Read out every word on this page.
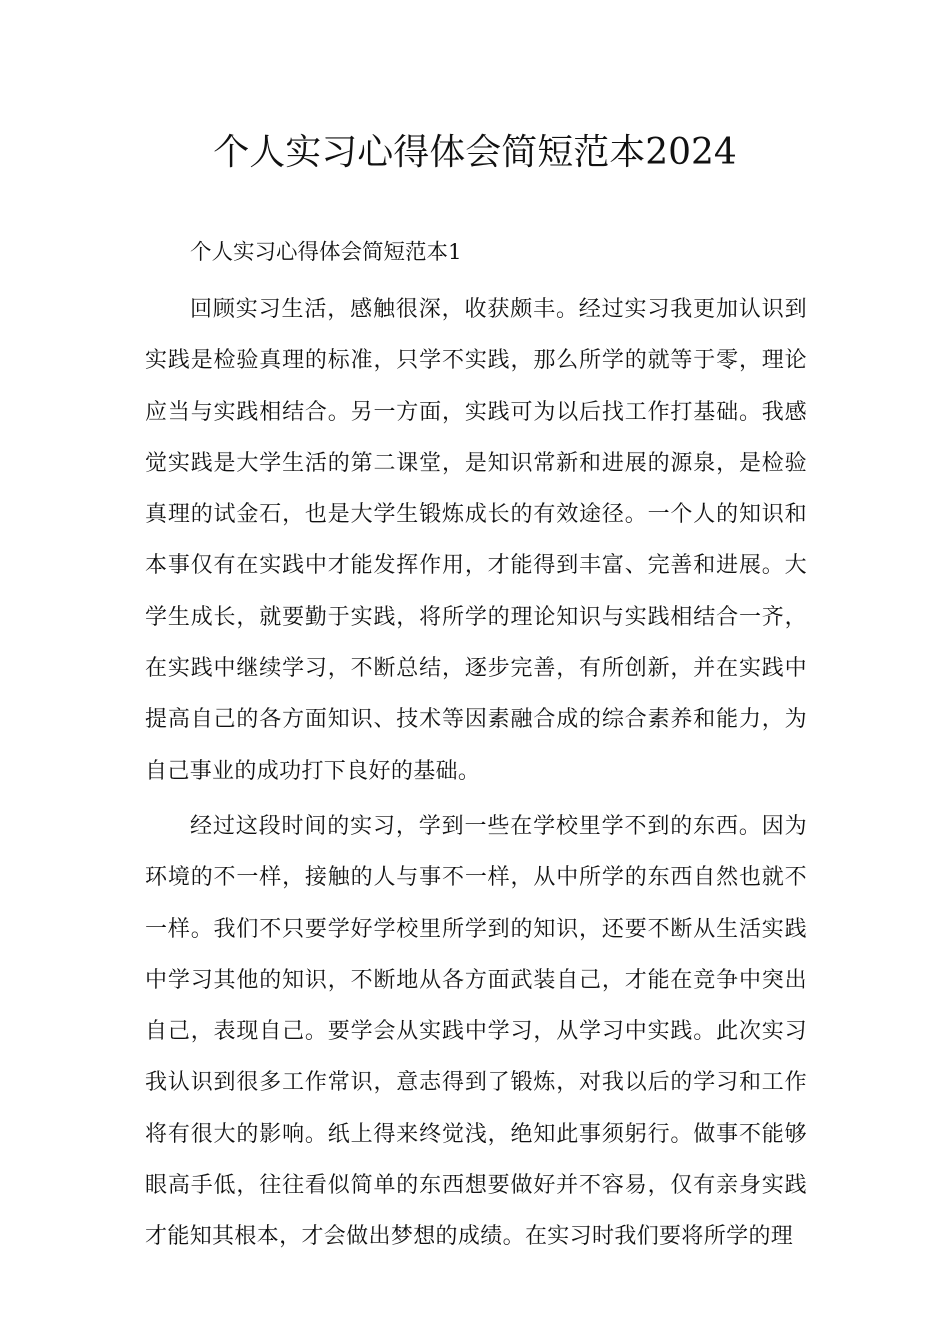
个人实习心得体会简短范本2024

个人实习心得体会简短范本1

回顾实习生活，感触很深，收获颇丰。经过实习我更加认识到实践是检验真理的标准，只学不实践，那么所学的就等于零，理论应当与实践相结合。另一方面，实践可为以后找工作打基础。我感觉实践是大学生活的第二课堂，是知识常新和进展的源泉，是检验真理的试金石，也是大学生锻炼成长的有效途径。一个人的知识和本事仅有在实践中才能发挥作用，才能得到丰富、完善和进展。大学生成长，就要勤于实践，将所学的理论知识与实践相结合一齐，在实践中继续学习，不断总结，逐步完善，有所创新，并在实践中提高自己的各方面知识、技术等因素融合成的综合素养和能力，为自己事业的成功打下良好的基础。

经过这段时间的实习，学到一些在学校里学不到的东西。因为环境的不一样，接触的人与事不一样，从中所学的东西自然也就不一样。我们不只要学好学校里所学到的知识，还要不断从生活实践中学习其他的知识，不断地从各方面武装自己，才能在竞争中突出自己，表现自己。要学会从实践中学习，从学习中实践。此次实习我认识到很多工作常识，意志得到了锻炼，对我以后的学习和工作将有很大的影响。纸上得来终觉浅，绝知此事须躬行。做事不能够眼高手低，往往看似简单的东西想要做好并不容易，仅有亲身实践才能知其根本，才会做出梦想的成绩。在实习时我们要将所学的理
